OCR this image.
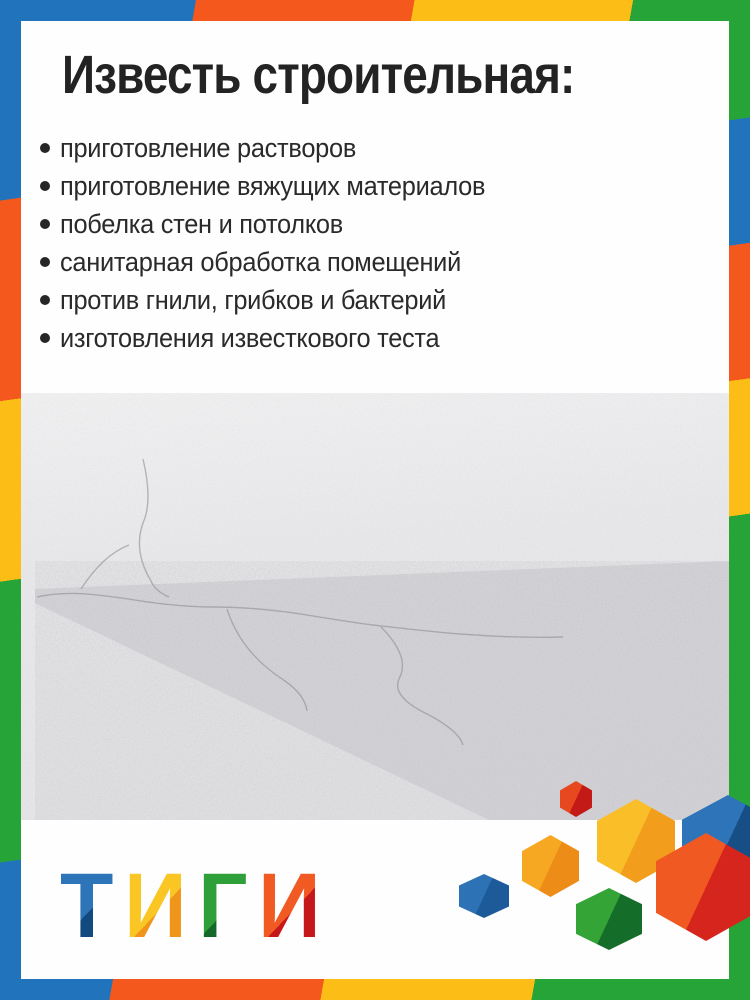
Известь строительная:
приготовление растворов
приготовление вяжущих материалов
побелка стен и потолков
санитарная обработка помещений
против гнили, грибков и бактерий
изготовления известкового теста
Т И Г И
